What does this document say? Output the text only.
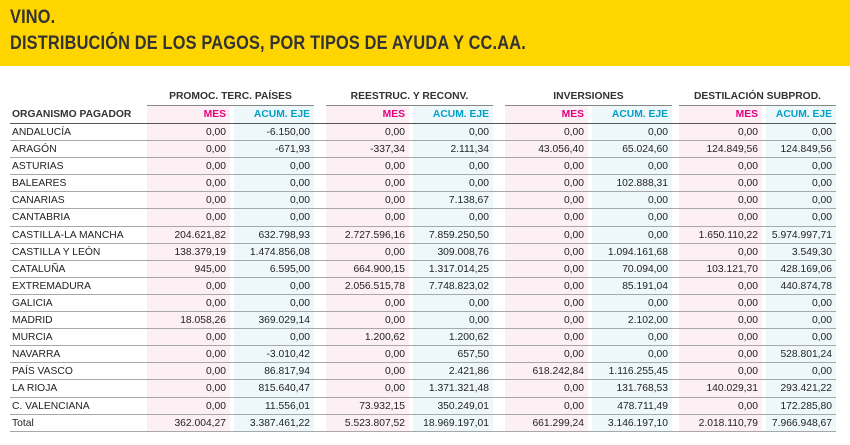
VINO.
DISTRIBUCIÓN DE LOS PAGOS, POR TIPOS DE AYUDA Y CC.AA.
PROMOC. TERC. PAÍSES	REESTRUC. Y RECONV.	INVERSIONES	DESTILACIÓN SUBPROD.
ORGANISMO PAGADOR	MES	ACUM. EJE	MES	ACUM. EJE	MES	ACUM. EJE	MES	ACUM. EJE
ANDALUCÍA	0,00	-6.150,00	0,00	0,00	0,00	0,00	0,00	0,00
ARAGÓN	0,00	-671,93	-337,34	2.111,34	43.056,40	65.024,60	124.849,56	124.849,56
ASTURIAS	0,00	0,00	0,00	0,00	0,00	0,00	0,00	0,00
BALEARES	0,00	0,00	0,00	0,00	0,00	102.888,31	0,00	0,00
CANARIAS	0,00	0,00	0,00	7.138,67	0,00	0,00	0,00	0,00
CANTABRIA	0,00	0,00	0,00	0,00	0,00	0,00	0,00	0,00
CASTILLA-LA MANCHA	204.621,82	632.798,93	2.727.596,16	7.859.250,50	0,00	0,00	1.650.110,22	5.974.997,71
CASTILLA Y LEÓN	138.379,19	1.474.856,08	0,00	309.008,76	0,00	1.094.161,68	0,00	3.549,30
CATALUÑA	945,00	6.595,00	664.900,15	1.317.014,25	0,00	70.094,00	103.121,70	428.169,06
EXTREMADURA	0,00	0,00	2.056.515,78	7.748.823,02	0,00	85.191,04	0,00	440.874,78
GALICIA	0,00	0,00	0,00	0,00	0,00	0,00	0,00	0,00
MADRID	18.058,26	369.029,14	0,00	0,00	0,00	2.102,00	0,00	0,00
MURCIA	0,00	0,00	1.200,62	1.200,62	0,00	0,00	0,00	0,00
NAVARRA	0,00	-3.010,42	0,00	657,50	0,00	0,00	0,00	528.801,24
PAÍS VASCO	0,00	86.817,94	0,00	2.421,86	618.242,84	1.116.255,45	0,00	0,00
LA RIOJA	0,00	815.640,47	0,00	1.371.321,48	0,00	131.768,53	140.029,31	293.421,22
C. VALENCIANA	0,00	11.556,01	73.932,15	350.249,01	0,00	478.711,49	0,00	172.285,80
Total	362.004,27	3.387.461,22	5.523.807,52	18.969.197,01	661.299,24	3.146.197,10	2.018.110,79	7.966.948,67
